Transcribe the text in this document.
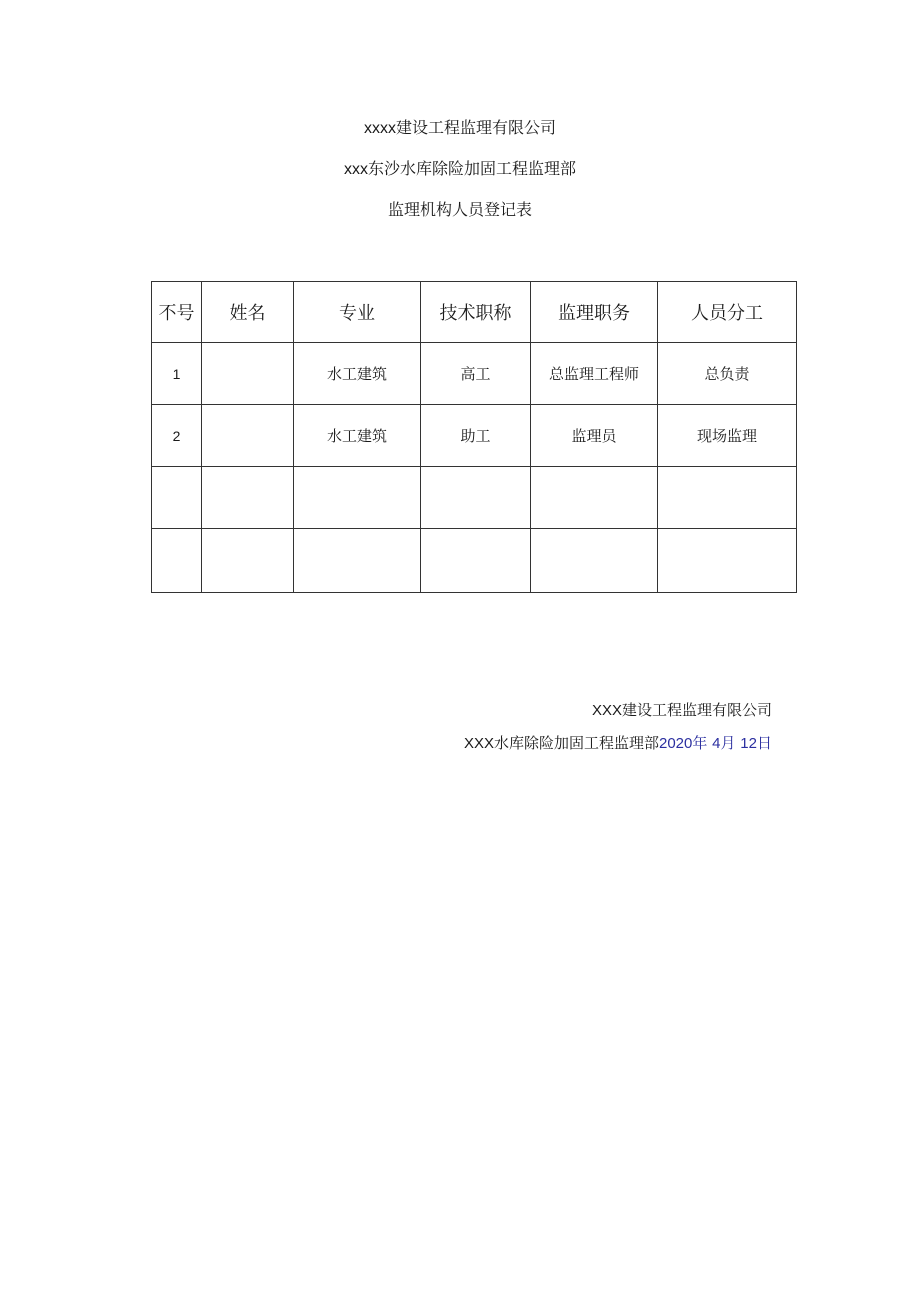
xxxx建设工程监理有限公司
xxx东沙水库除险加固工程监理部
监理机构人员登记表
不号	姓名	专业	技术职称	监理职务	人员分工
1		水工建筑	高工	总监理工程师	总负责
2		水工建筑	助工	监理员	现场监理

XXX建设工程监理有限公司
XXX水库除险加固工程监理部2020年 4月 12日
